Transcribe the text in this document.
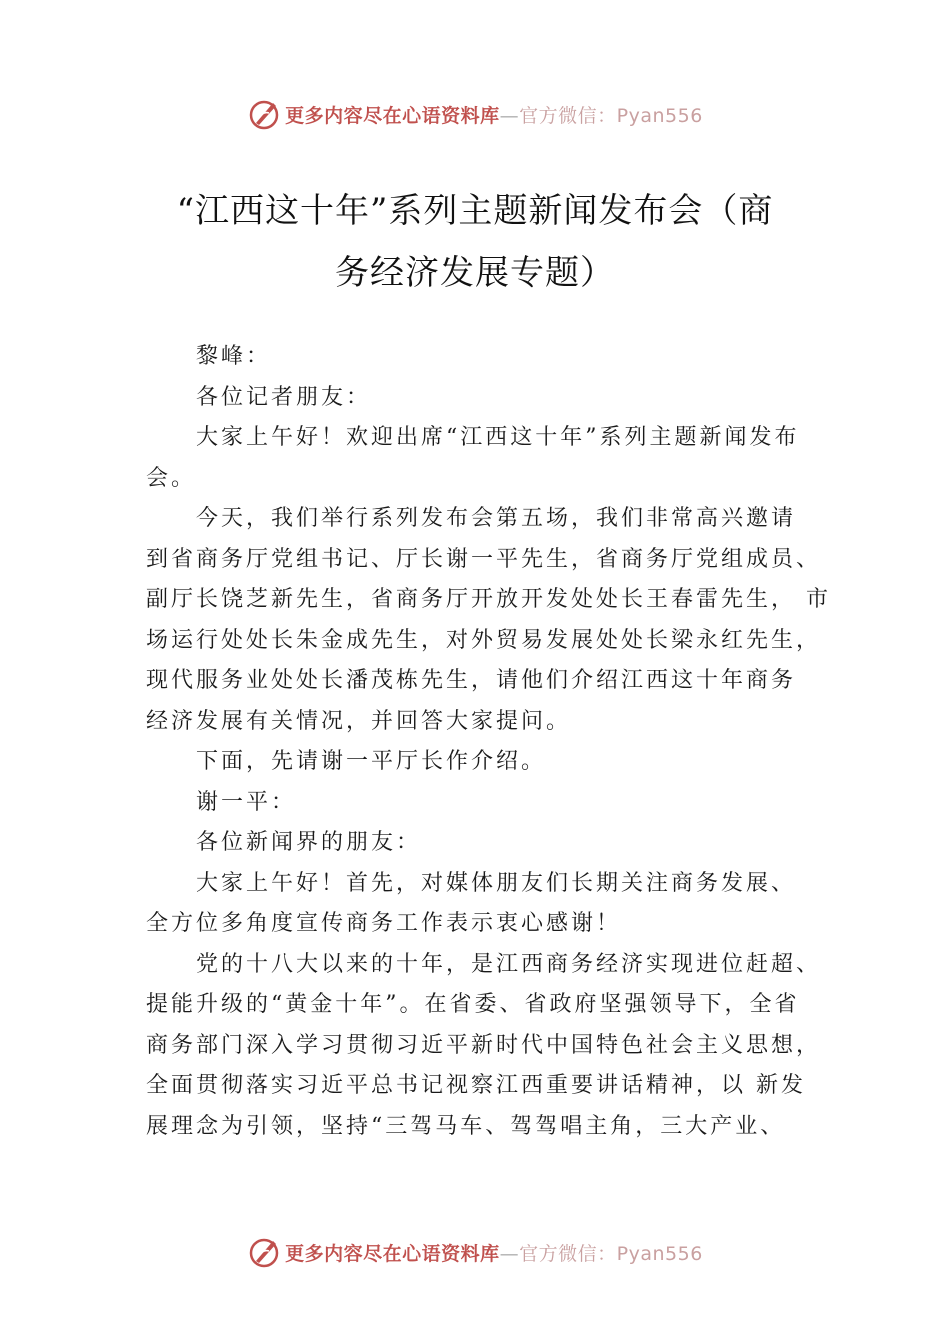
更多内容尽在心语资料库—官方微信：Pyan556
“江西这十年”系列主题新闻发布会（商
务经济发展专题）
黎峰：
各位记者朋友：
大家上午好！欢迎出席“江西这十年”系列主题新闻发布
会。
今天，我们举行系列发布会第五场，我们非常高兴邀请
到省商务厅党组书记、厅长谢一平先生，省商务厅党组成员、
副厅长饶芝新先生，省商务厅开放开发处处长王春雷先生， 市
场运行处处长朱金成先生，对外贸易发展处处长梁永红先生，
现代服务业处处长潘茂栋先生，请他们介绍江西这十年商务
经济发展有关情况，并回答大家提问。
下面，先请谢一平厅长作介绍。
谢一平：
各位新闻界的朋友：
大家上午好！首先，对媒体朋友们长期关注商务发展、
全方位多角度宣传商务工作表示衷心感谢！
党的十八大以来的十年，是江西商务经济实现进位赶超、
提能升级的“黄金十年”。在省委、省政府坚强领导下，全省
商务部门深入学习贯彻习近平新时代中国特色社会主义思想，
全面贯彻落实习近平总书记视察江西重要讲话精神，以 新发
展理念为引领，坚持“三驾马车、驾驾唱主角，三大产业、
更多内容尽在心语资料库—官方微信：Pyan556
